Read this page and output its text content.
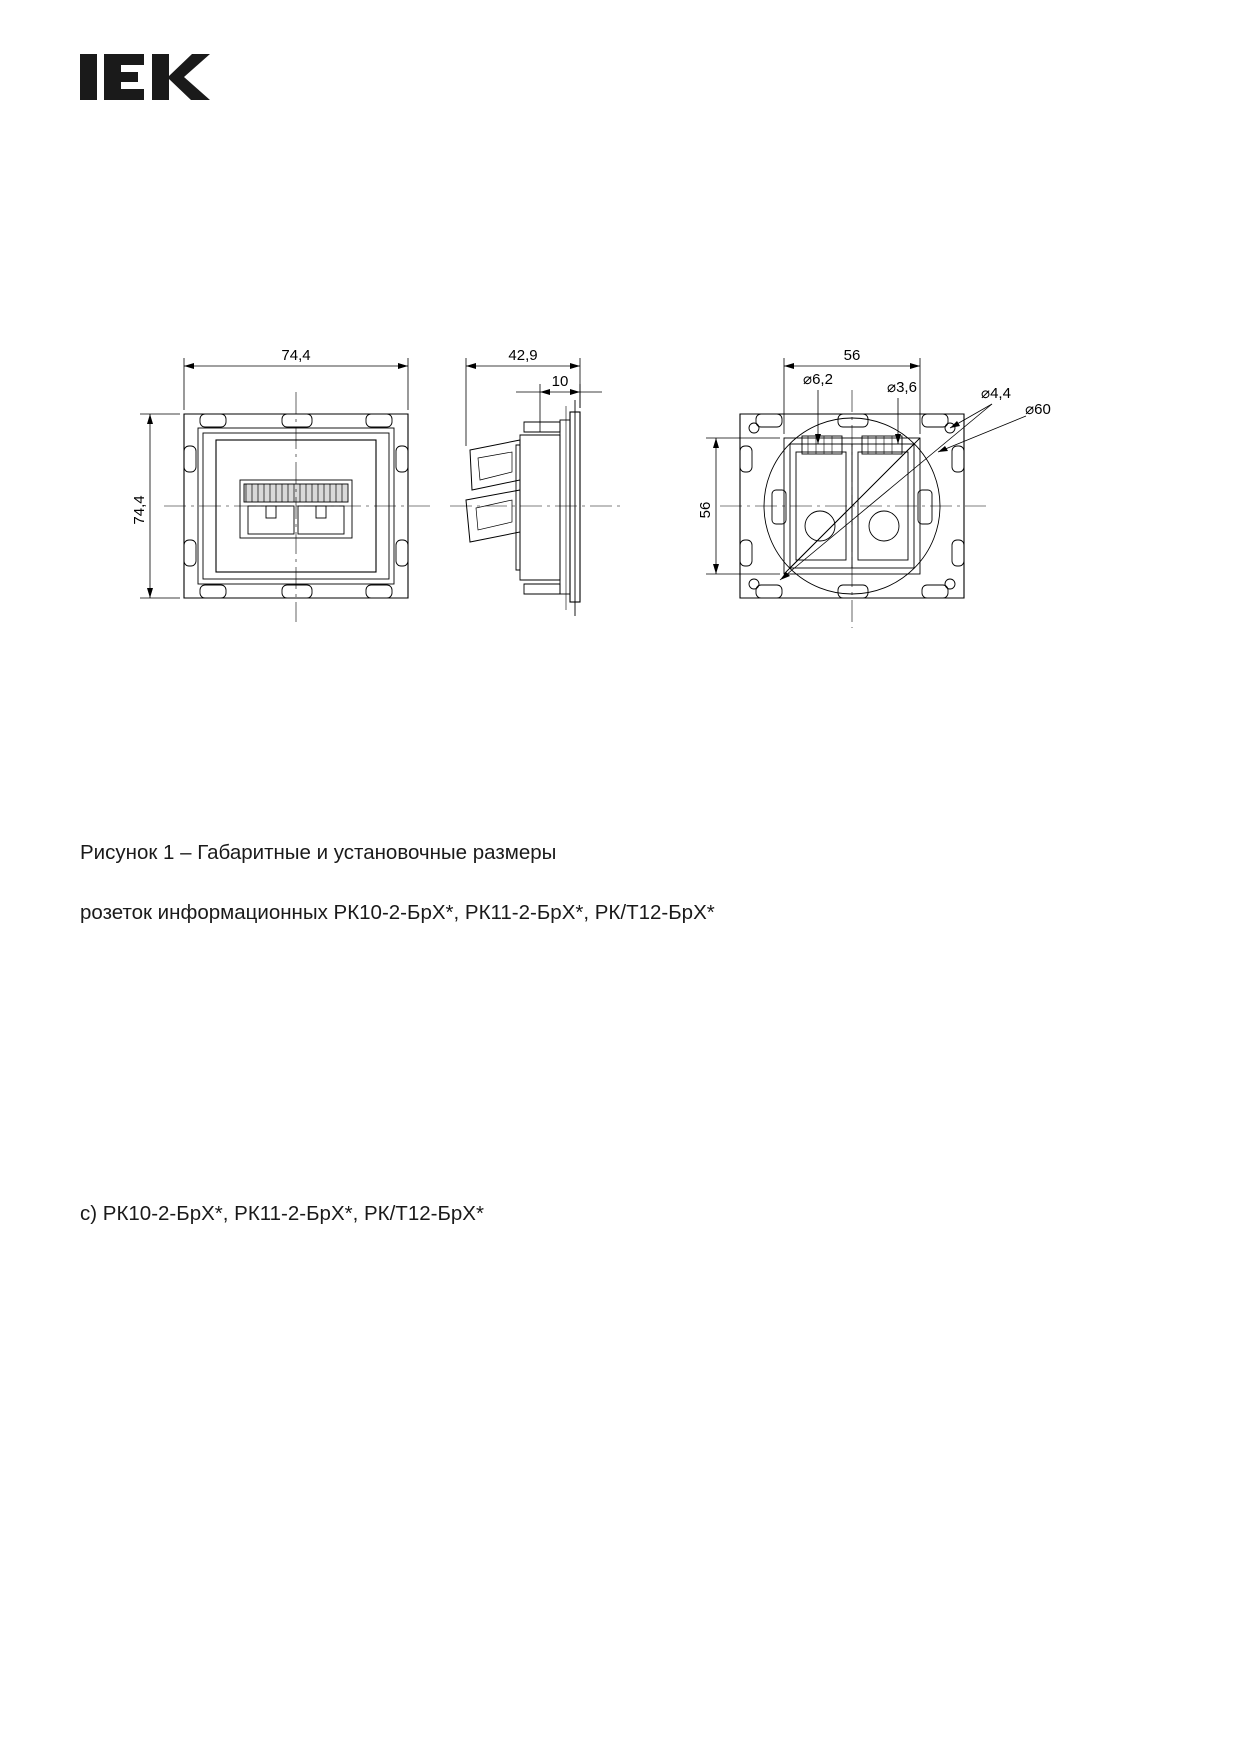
74,4
74,4
42,9
10
56
56
⌀6,2	⌀3,6	⌀4,4
⌀60

Рисунок 1 – Габаритные и установочные размеры

розеток информационных РК10-2-БрХ*, РК11-2-БрХ*, РК/Т12-БрХ*

с) РК10-2-БрХ*, РК11-2-БрХ*, РК/Т12-БрХ*
